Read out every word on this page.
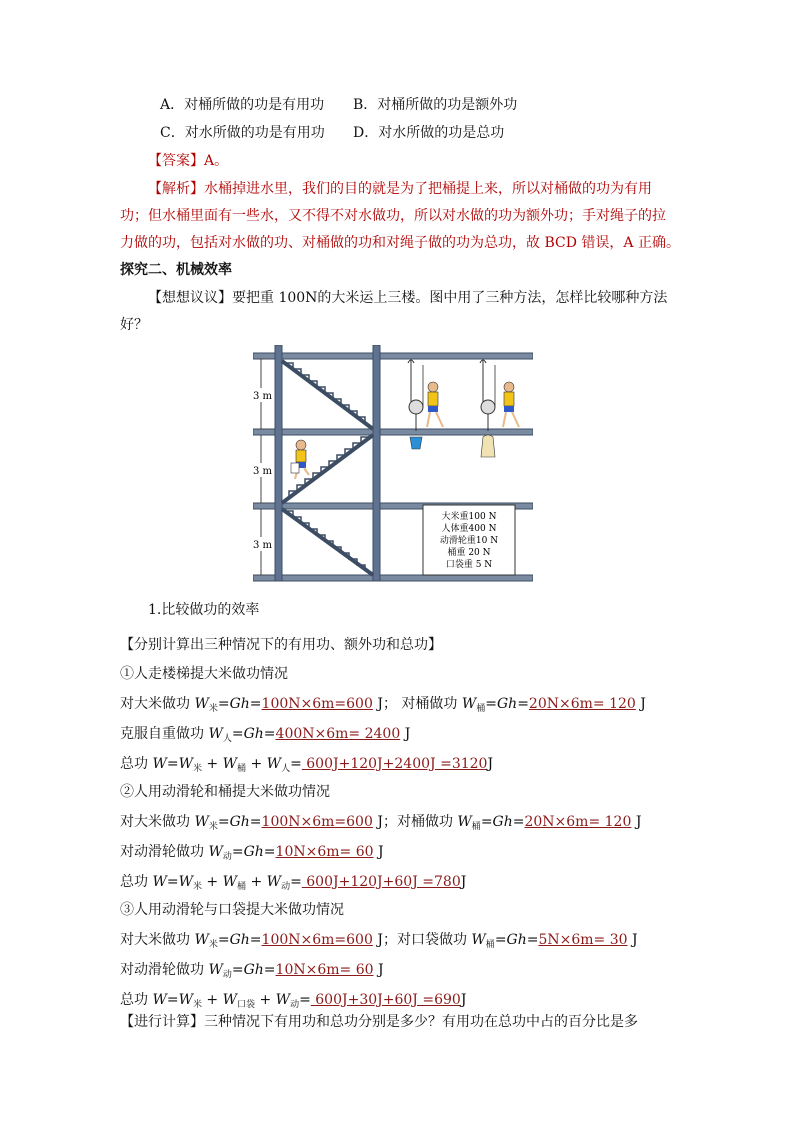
A．对桶所做的功是有用功 B．对桶所做的功是额外功
C．对水所做的功是有用功 D．对水所做的功是总功
【答案】A。
【解析】水桶掉进水里，我们的目的就是为了把桶提上来，所以对桶做的功为有用
功；但水桶里面有一些水，又不得不对水做功，所以对水做的功为额外功；手对绳子的拉
力做的功，包括对水做的功、对桶做的功和对绳子做的功为总功，故 BCD 错误，A 正确。
探究二、机械效率
【想想议议】要把重 100N的大米运上三楼。图中用了三种方法，怎样比较哪种方法
好？
3 m
3 m
3 m
大米重100 N
人体重400 N
动滑轮重10 N
桶重 20 N
口袋重 5 N
1.比较做功的效率
【分别计算出三种情况下的有用功、额外功和总功】
①人走楼梯提大米做功情况
对大米做功 $W_米=Gh=100N\times 6m=600$ J； 对桶做功 $W_桶=Gh=20N\times 6m= 120$ J
克服自重做功 $W_人=Gh=400N\times 6m= 2400$ J
总功 $W=W_米 + W_桶 + W_人= 600J+120J+2400J =3120J$
②人用动滑轮和桶提大米做功情况
对大米做功 $W_米=Gh=100N\times 6m=600$ J；对桶做功 $W_桶=Gh=20N\times 6m= 120$ J
对动滑轮做功 $W_动=Gh=10N\times 6m= 60$ J
总功 $W=W_米 + W_桶 + W_动= 600J+120J+60J =780J$
③人用动滑轮与口袋提大米做功情况
对大米做功 $W_米=Gh=100N\times 6m=600$ J；对口袋做功 $W_桶=Gh=5N\times 6m= 30$ J
对动滑轮做功 $W_动=Gh=10N\times 6m= 60$ J
总功 $W=W_米 + W_{口袋} + W_动= 600J+30J+60J =690J$
【进行计算】三种情况下有用功和总功分别是多少？有用功在总功中占的百分比是多
